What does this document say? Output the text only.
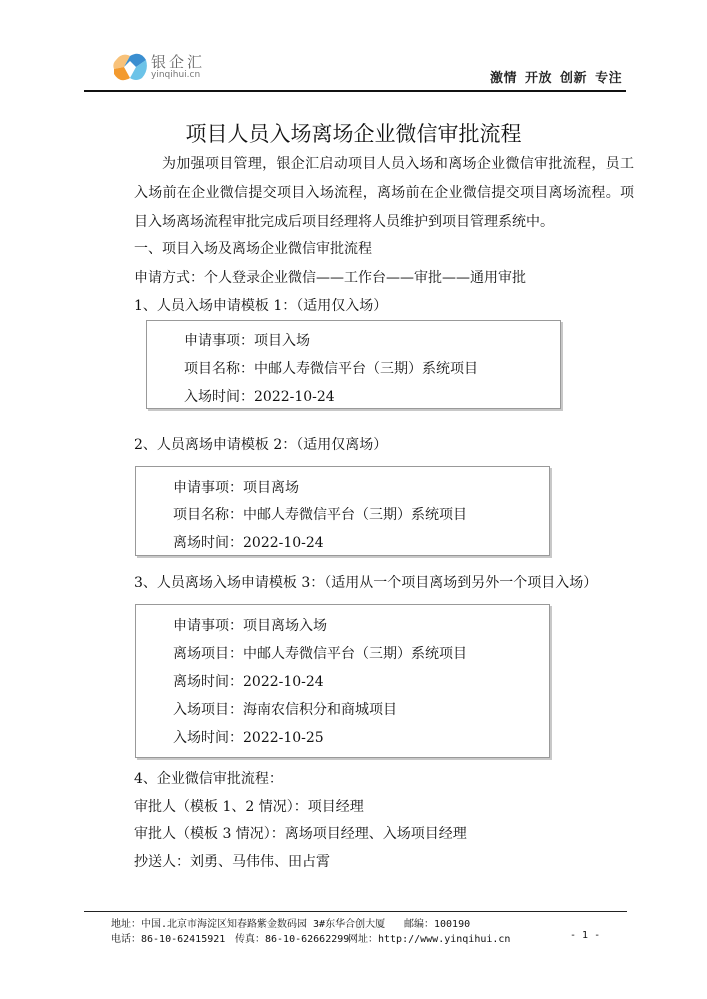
银企汇
yinqihui.cn	激情 开放 创新 专注
项目人员入场离场企业微信审批流程
为加强项目管理，银企汇启动项目人员入场和离场企业微信审批流程，员工入场前在企业微信提交项目入场流程，离场前在企业微信提交项目离场流程。项目入场离场流程审批完成后项目经理将人员维护到项目管理系统中。
一、项目入场及离场企业微信审批流程
申请方式：个人登录企业微信——工作台——审批——通用审批
1、人员入场申请模板 1：（适用仅入场）
申请事项：项目入场
项目名称：中邮人寿微信平台（三期）系统项目
入场时间：2022-10-24
2、人员离场申请模板 2：（适用仅离场）
申请事项：项目离场
项目名称：中邮人寿微信平台（三期）系统项目
离场时间：2022-10-24
3、人员离场入场申请模板 3：（适用从一个项目离场到另外一个项目入场）
申请事项：项目离场入场
离场项目：中邮人寿微信平台（三期）系统项目
离场时间：2022-10-24
入场项目：海南农信积分和商城项目
入场时间：2022-10-25
4、企业微信审批流程：
审批人（模板 1、2 情况）：项目经理
审批人（模板 3 情况）：离场项目经理、入场项目经理
抄送人：刘勇、马伟伟、田占霄
地址：中国.北京市海淀区知春路紫金数码园 3#东华合创大厦 邮编：100190
电话：86-10-62415921 传真：86-10-62662299
网址：http://www.yinqihui.cn	- 1 -
